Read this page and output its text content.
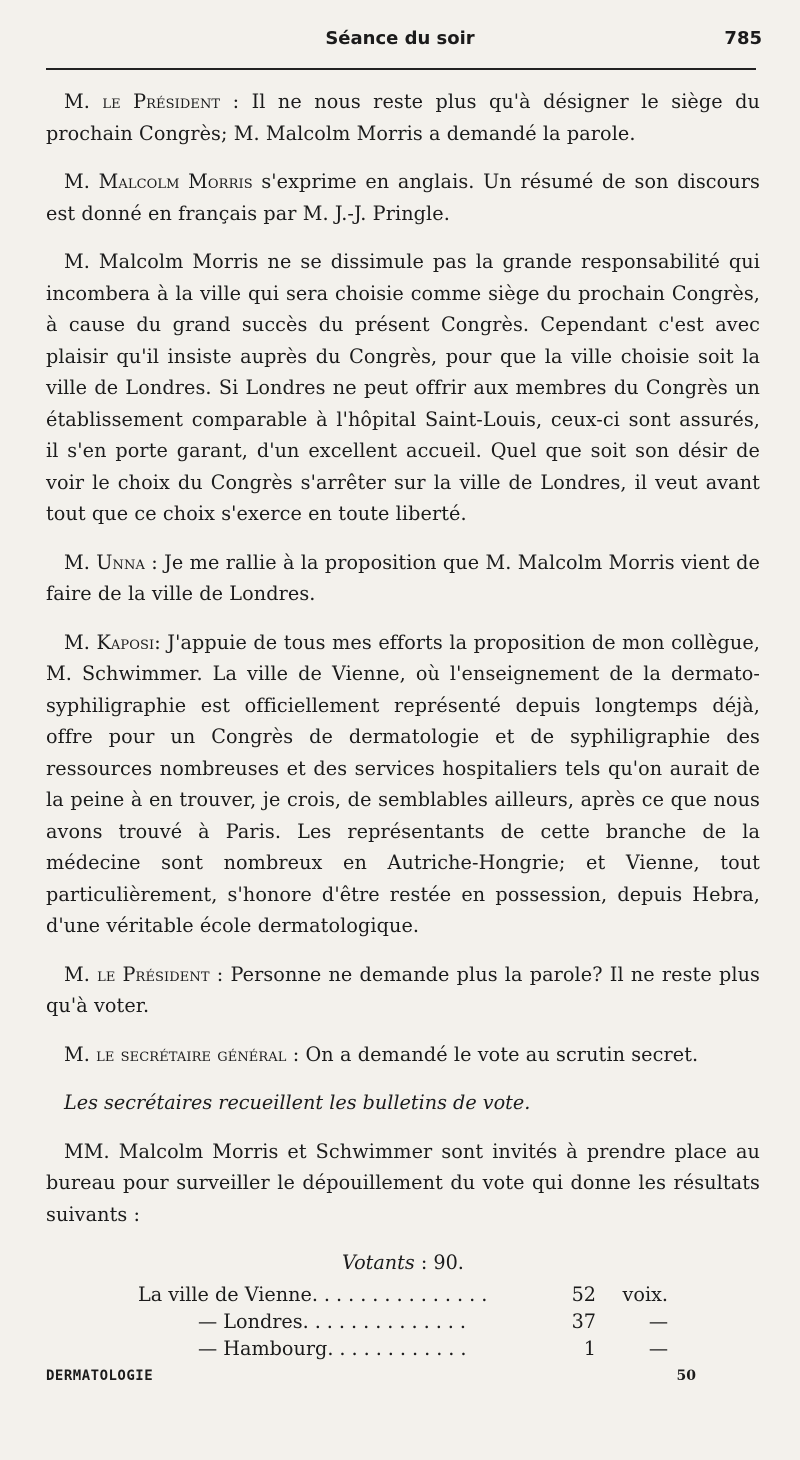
Séance du soir	785

M. le Président : Il ne nous reste plus qu'à désigner le siège du prochain Congrès; M. Malcolm Morris a demandé la parole.

M. Malcolm Morris s'exprime en anglais. Un résumé de son discours est donné en français par M. J.-J. Pringle.

M. Malcolm Morris ne se dissimule pas la grande responsabilité qui incombera à la ville qui sera choisie comme siège du prochain Congrès, à cause du grand succès du présent Congrès. Cependant c'est avec plaisir qu'il insiste auprès du Congrès, pour que la ville choisie soit la ville de Londres. Si Londres ne peut offrir aux membres du Congrès un établissement comparable à l'hôpital Saint-Louis, ceux-ci sont assurés, il s'en porte garant, d'un excellent accueil. Quel que soit son désir de voir le choix du Congrès s'arrêter sur la ville de Londres, il veut avant tout que ce choix s'exerce en toute liberté.

M. Unna : Je me rallie à la proposition que M. Malcolm Morris vient de faire de la ville de Londres.

M. Kaposi: J'appuie de tous mes efforts la proposition de mon collègue, M. Schwimmer. La ville de Vienne, où l'enseignement de la dermato-syphiligraphie est officiellement représenté depuis longtemps déjà, offre pour un Congrès de dermatologie et de syphiligraphie des ressources nombreuses et des services hospitaliers tels qu'on aurait de la peine à en trouver, je crois, de semblables ailleurs, après ce que nous avons trouvé à Paris. Les représentants de cette branche de la médecine sont nombreux en Autriche-Hongrie; et Vienne, tout particulièrement, s'honore d'être restée en possession, depuis Hebra, d'une véritable école dermatologique.

M. le Président : Personne ne demande plus la parole? Il ne reste plus qu'à voter.

M. le secrétaire général : On a demandé le vote au scrutin secret.

Les secrétaires recueillent les bulletins de vote.

MM. Malcolm Morris et Schwimmer sont invités à prendre place au bureau pour surveiller le dépouillement du vote qui donne les résultats suivants :

Votants : 90.
La ville de Vienne...............	52 voix.
— Londres..............	37	—
— Hambourg............	1	—
DERMATOLOGIE	50
